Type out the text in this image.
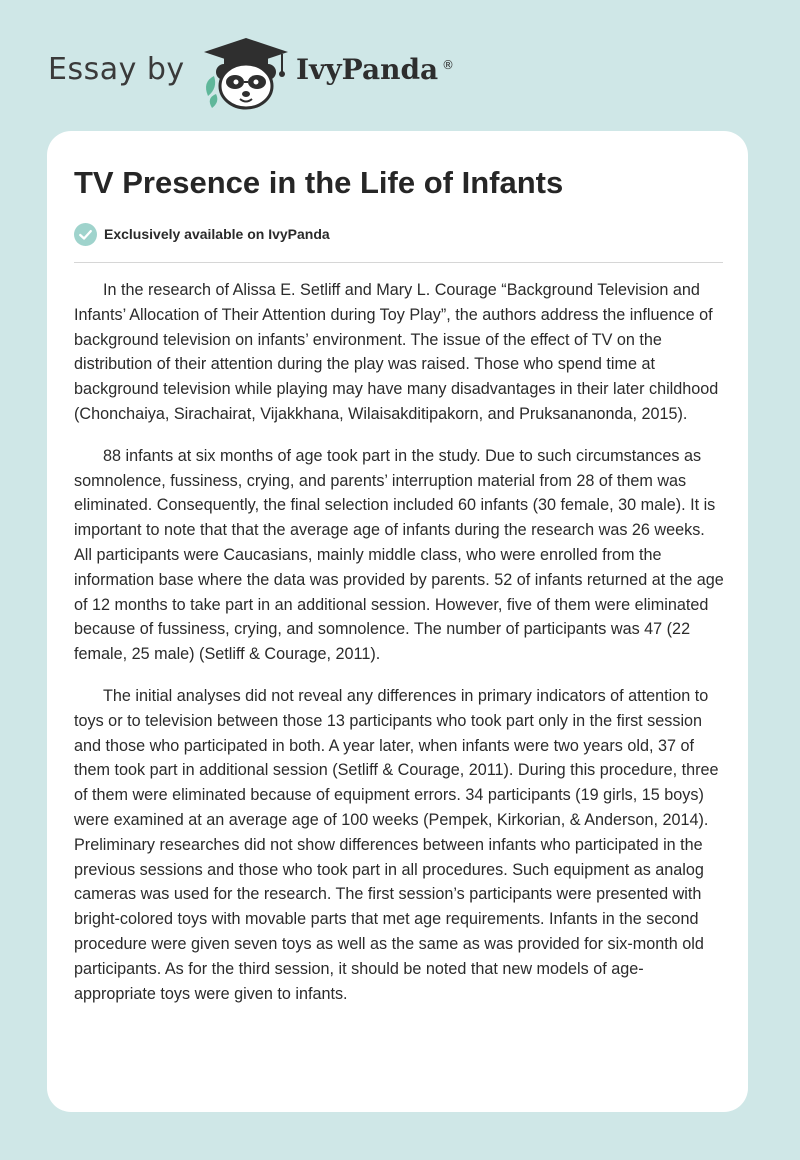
Essay by	IvyPanda ®
TV Presence in the Life of Infants
Exclusively available on IvyPanda

In the research of Alissa E. Setliff and Mary L. Courage “Background Television and Infants’ Allocation of Their Attention during Toy Play”, the authors address the influence of background television on infants’ environment. The issue of the effect of TV on the distribution of their attention during the play was raised. Those who spend time at background television while playing may have many disadvantages in their later childhood (Chonchaiya, Sirachairat, Vijakkhana, Wilaisakditipakorn, and Pruksananonda, 2015).

88 infants at six months of age took part in the study. Due to such circumstances as somnolence, fussiness, crying, and parents’ interruption material from 28 of them was eliminated. Consequently, the final selection included 60 infants (30 female, 30 male). It is important to note that that the average age of infants during the research was 26 weeks. All participants were Caucasians, mainly middle class, who were enrolled from the information base where the data was provided by parents. 52 of infants returned at the age of 12 months to take part in an additional session. However, five of them were eliminated because of fussiness, crying, and somnolence. The number of participants was 47 (22 female, 25 male) (Setliff & Courage, 2011).

The initial analyses did not reveal any differences in primary indicators of attention to toys or to television between those 13 participants who took part only in the first session and those who participated in both. A year later, when infants were two years old, 37 of them took part in additional session (Setliff & Courage, 2011). During this procedure, three of them were eliminated because of equipment errors. 34 participants (19 girls, 15 boys) were examined at an average age of 100 weeks (Pempek, Kirkorian, & Anderson, 2014). Preliminary researches did not show differences between infants who participated in the previous sessions and those who took part in all procedures. Such equipment as analog cameras was used for the research. The first session’s participants were presented with bright-colored toys with movable parts that met age requirements. Infants in the second procedure were given seven toys as well as the same as was provided for six-month old participants. As for the third session, it should be noted that new models of age-appropriate toys were given to infants.
